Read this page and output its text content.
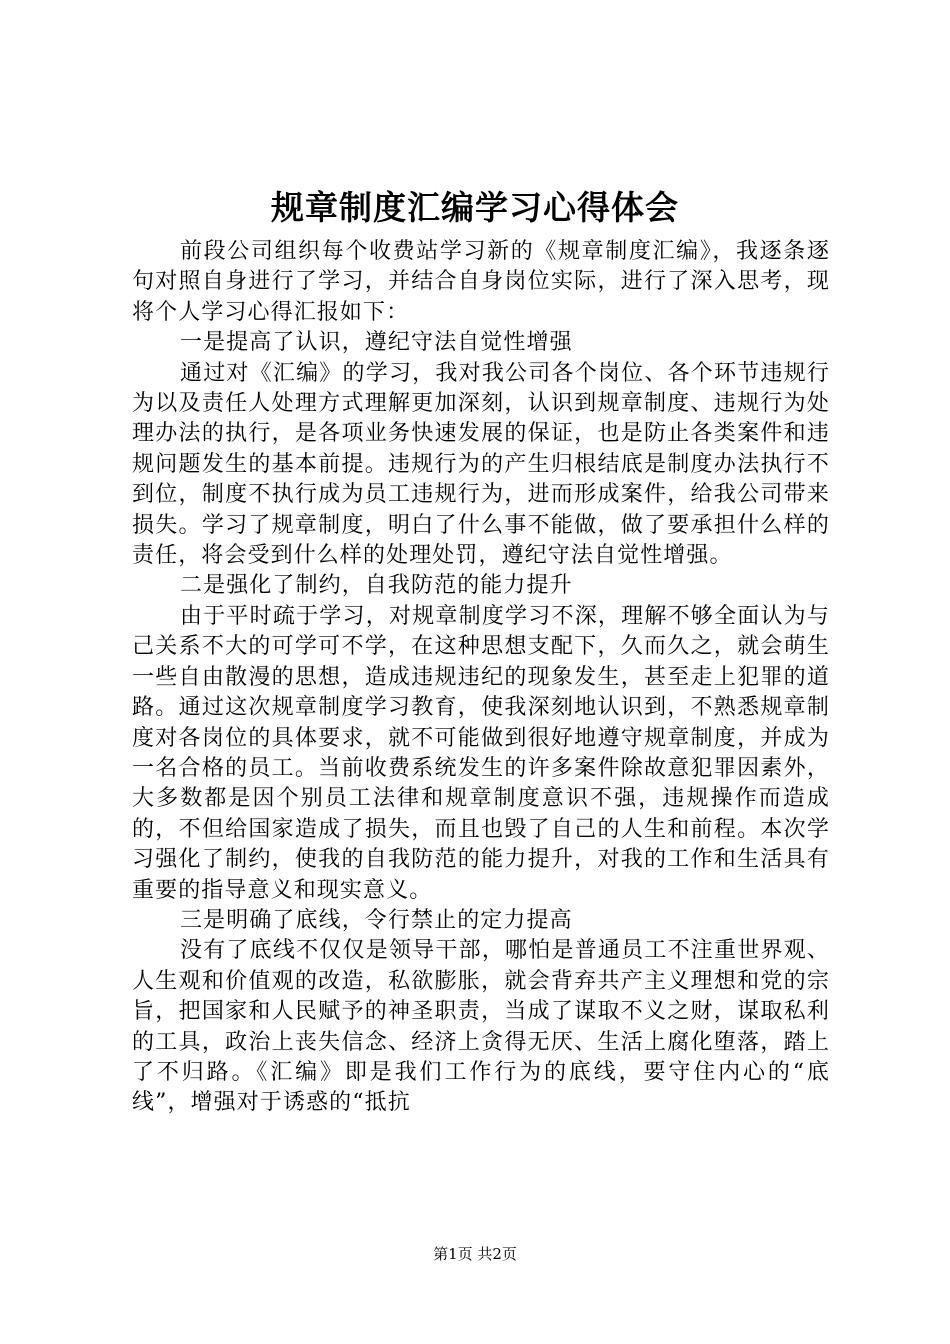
规章制度汇编学习心得体会

前段公司组织每个收费站学习新的《规章制度汇编》，我逐条逐句对照自身进行了学习，并结合自身岗位实际，进行了深入思考，现将个人学习心得汇报如下：

一是提高了认识，遵纪守法自觉性增强

通过对《汇编》的学习，我对我公司各个岗位、各个环节违规行为以及责任人处理方式理解更加深刻，认识到规章制度、违规行为处理办法的执行，是各项业务快速发展的保证，也是防止各类案件和违规问题发生的基本前提。违规行为的产生归根结底是制度办法执行不到位，制度不执行成为员工违规行为，进而形成案件，给我公司带来损失。学习了规章制度，明白了什么事不能做，做了要承担什么样的责任，将会受到什么样的处理处罚，遵纪守法自觉性增强。

二是强化了制约，自我防范的能力提升

由于平时疏于学习，对规章制度学习不深，理解不够全面认为与己关系不大的可学可不学，在这种思想支配下，久而久之，就会萌生一些自由散漫的思想，造成违规违纪的现象发生，甚至走上犯罪的道路。通过这次规章制度学习教育，使我深刻地认识到，不熟悉规章制度对各岗位的具体要求，就不可能做到很好地遵守规章制度，并成为一名合格的员工。当前收费系统发生的许多案件除故意犯罪因素外，大多数都是因个别员工法律和规章制度意识不强，违规操作而造成的，不但给国家造成了损失，而且也毁了自己的人生和前程。本次学习强化了制约，使我的自我防范的能力提升，对我的工作和生活具有重要的指导意义和现实意义。

三是明确了底线，令行禁止的定力提高

没有了底线不仅仅是领导干部，哪怕是普通员工不注重世界观、人生观和价值观的改造，私欲膨胀，就会背弃共产主义理想和党的宗旨，把国家和人民赋予的神圣职责，当成了谋取不义之财，谋取私利的工具，政治上丧失信念、经济上贪得无厌、生活上腐化堕落，踏上了不归路。《汇编》即是我们工作行为的底线，要守住内心的“底线”，增强对于诱惑的“抵抗

第1页 共2页
